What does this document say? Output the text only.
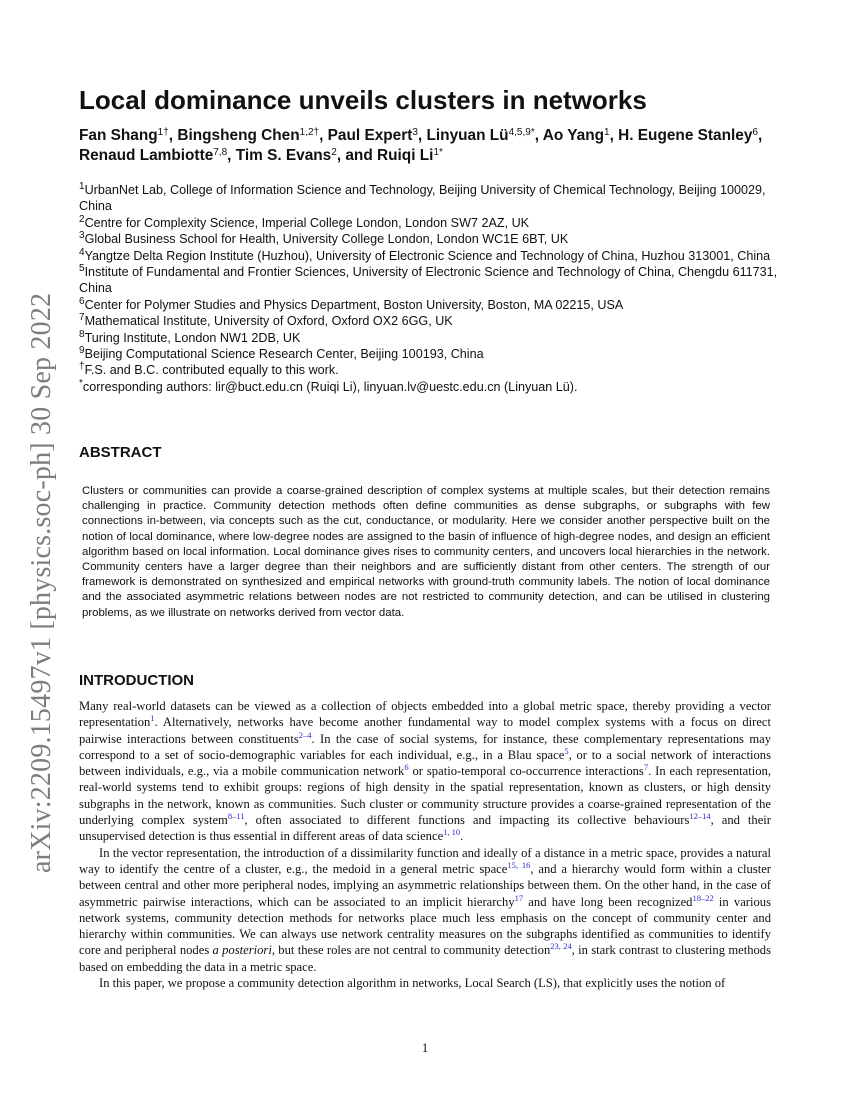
arXiv:2209.15497v1 [physics.soc-ph] 30 Sep 2022
Local dominance unveils clusters in networks
Fan Shang$^{1\dagger}$, Bingsheng Chen$^{1,2\dagger}$, Paul Expert$^3$, Linyuan $Lü^{4,5,9*}$, Ao Yang$^1$, H. Eugene Stanley$^6$, Renaud Lambiotte$^{7,8}$, Tim S. Evans$^2$, and Ruiqi $Li^{1*}$

$^1$UrbanNet Lab, College of Information Science and Technology, Beijing University of Chemical Technology, Beijing 100029, China

$^2$Centre for Complexity Science, Imperial College London, London SW7 2AZ, UK

$^3$Global Business School for Health, University College London, London WC1E 6BT, UK

$^4$Yangtze Delta Region Institute (Huzhou), University of Electronic Science and Technology of China, Huzhou 313001, China

$^5$Institute of Fundamental and Frontier Sciences, University of Electronic Science and Technology of China, Chengdu 611731, China

$^6$Center for Polymer Studies and Physics Department, Boston University, Boston, MA 02215, USA

$^7$Mathematical Institute, University of Oxford, Oxford OX2 6GG, UK

$^8$Turing Institute, London NW1 2DB, UK

$^9$Beijing Computational Science Research Center, Beijing 100193, China

†F.S. and B.C. contributed equally to this work.

*corresponding authors: lir@buct.edu.cn (Ruiqi Li), linyuan.lv@uestc.edu.cn (Linyuan Lü).

ABSTRACT

Clusters or communities can provide a coarse-grained description of complex systems at multiple scales, but their detection remains challenging in practice. Community detection methods often define communities as dense subgraphs, or subgraphs with few connections in-between, via concepts such as the cut, conductance, or modularity. Here we consider another perspective built on the notion of local dominance, where low-degree nodes are assigned to the basin of influence of high-degree nodes, and design an efficient algorithm based on local information. Local dominance gives rises to community centers, and uncovers local hierarchies in the network. Community centers have a larger degree than their neighbors and are sufficiently distant from other centers. The strength of our framework is demonstrated on synthesized and empirical networks with ground-truth community labels. The notion of local dominance and the associated asymmetric relations between nodes are not restricted to community detection, and can be utilised in clustering problems, as we illustrate on networks derived from vector data.

INTRODUCTION

Many real-world datasets can be viewed as a collection of objects embedded into a global metric space, thereby providing a vector representation$^1$. Alternatively, networks have become another fundamental way to model complex systems with a focus on direct pairwise interactions between constituents$^{2-4}$. In the case of social systems, for instance, these complementary representations may correspond to a set of socio-demographic variables for each individual, e.g., in a Blau space$^5$, or to a social network of interactions between individuals, e.g., via a mobile communication network$^6$ or spatio-temporal co-occurrence interactions$^7$. In each representation, real-world systems tend to exhibit groups: regions of high density in the spatial representation, known as clusters, or high density subgraphs in the network, known as communities. Such cluster or community structure provides a coarse-grained representation of the underlying complex system$^{8-11}$, often associated to different functions and impacting its collective behaviours$^{12-14}$, and their unsupervised detection is thus essential in different areas of data science$^{1, 10}$.

In the vector representation, the introduction of a dissimilarity function and ideally of a distance in a metric space, provides a natural way to identify the centre of a cluster, e.g., the medoid in a general metric space$^{15, 16}$, and a hierarchy would form within a cluster between central and other more peripheral nodes, implying an asymmetric relationships between them. On the other hand, in the case of asymmetric pairwise interactions, which can be associated to an implicit hierarchy$^{17}$ and have long been recognized$^{18-22}$ in various network systems, community detection methods for networks place much less emphasis on the concept of community center and hierarchy within communities. We can always use network centrality measures on the subgraphs identified as communities to identify core and peripheral nodes a posteriori, but these roles are not central to community detection$^{23, 24}$, in stark contrast to clustering methods based on embedding the data in a metric space.

In this paper, we propose a community detection algorithm in networks, Local Search (LS), that explicitly uses the notion of

1
